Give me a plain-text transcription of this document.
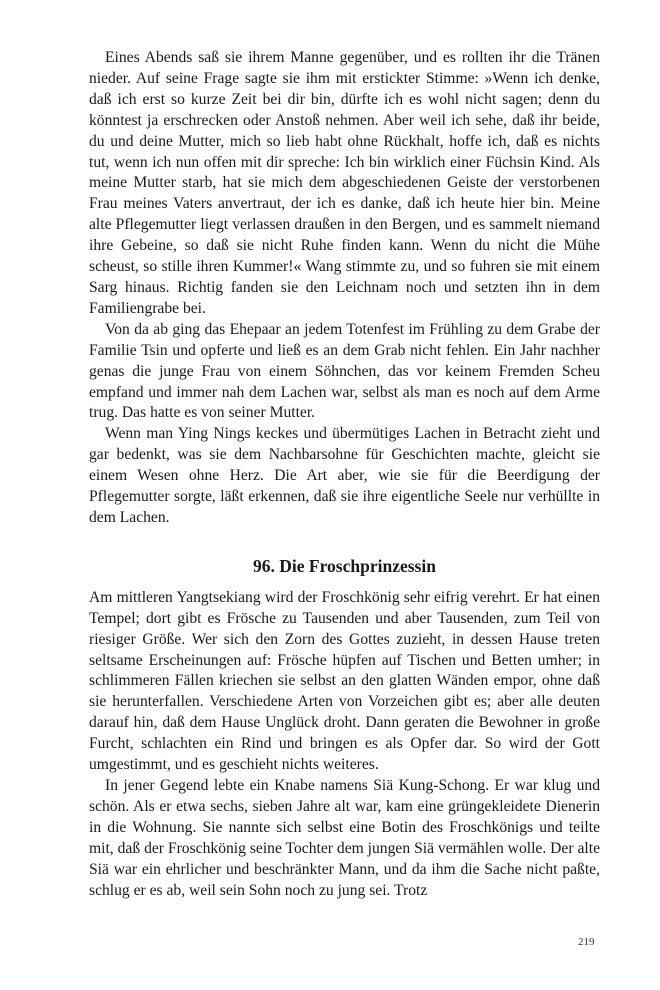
Eines Abends saß sie ihrem Manne gegenüber, und es rollten ihr die Tränen nieder. Auf seine Frage sagte sie ihm mit erstickter Stimme: »Wenn ich denke, daß ich erst so kurze Zeit bei dir bin, dürfte ich es wohl nicht sagen; denn du könntest ja erschrecken oder Anstoß nehmen. Aber weil ich sehe, daß ihr beide, du und deine Mutter, mich so lieb habt ohne Rückhalt, hoffe ich, daß es nichts tut, wenn ich nun offen mit dir spreche: Ich bin wirklich einer Füchsin Kind. Als meine Mutter starb, hat sie mich dem abgeschiedenen Geiste der verstorbenen Frau meines Vaters anvertraut, der ich es danke, daß ich heute hier bin. Meine alte Pflegemutter liegt verlassen draußen in den Bergen, und es sammelt niemand ihre Gebeine, so daß sie nicht Ruhe finden kann. Wenn du nicht die Mühe scheust, so stille ihren Kummer!« Wang stimmte zu, und so fuhren sie mit einem Sarg hinaus. Richtig fanden sie den Leichnam noch und setzten ihn in dem Familiengrabe bei.

Von da ab ging das Ehepaar an jedem Totenfest im Frühling zu dem Grabe der Familie Tsin und opferte und ließ es an dem Grab nicht fehlen. Ein Jahr nachher genas die junge Frau von einem Söhnchen, das vor keinem Fremden Scheu empfand und immer nah dem Lachen war, selbst als man es noch auf dem Arme trug. Das hatte es von seiner Mutter.

Wenn man Ying Nings keckes und übermütiges Lachen in Betracht zieht und gar bedenkt, was sie dem Nachbarsohne für Geschichten machte, gleicht sie einem Wesen ohne Herz. Die Art aber, wie sie für die Beerdigung der Pflegemutter sorgte, läßt erkennen, daß sie ihre eigentliche Seele nur verhüllte in dem Lachen.

96. Die Froschprinzessin

Am mittleren Yangtsekiang wird der Froschkönig sehr eifrig verehrt. Er hat einen Tempel; dort gibt es Frösche zu Tausenden und aber Tausenden, zum Teil von riesiger Größe. Wer sich den Zorn des Gottes zuzieht, in dessen Hause treten seltsame Erscheinungen auf: Frösche hüpfen auf Tischen und Betten umher; in schlimmeren Fällen kriechen sie selbst an den glatten Wänden empor, ohne daß sie herunterfallen. Verschiedene Arten von Vorzeichen gibt es; aber alle deuten darauf hin, daß dem Hause Unglück droht. Dann geraten die Bewohner in große Furcht, schlachten ein Rind und bringen es als Opfer dar. So wird der Gott umgestimmt, und es geschieht nichts weiteres.

In jener Gegend lebte ein Knabe namens Siä Kung-Schong. Er war klug und schön. Als er etwa sechs, sieben Jahre alt war, kam eine grüngekleidete Dienerin in die Wohnung. Sie nannte sich selbst eine Botin des Froschkönigs und teilte mit, daß der Froschkönig seine Tochter dem jungen Siä vermählen wolle. Der alte Siä war ein ehrlicher und beschränkter Mann, und da ihm die Sache nicht paßte, schlug er es ab, weil sein Sohn noch zu jung sei. Trotz

219
